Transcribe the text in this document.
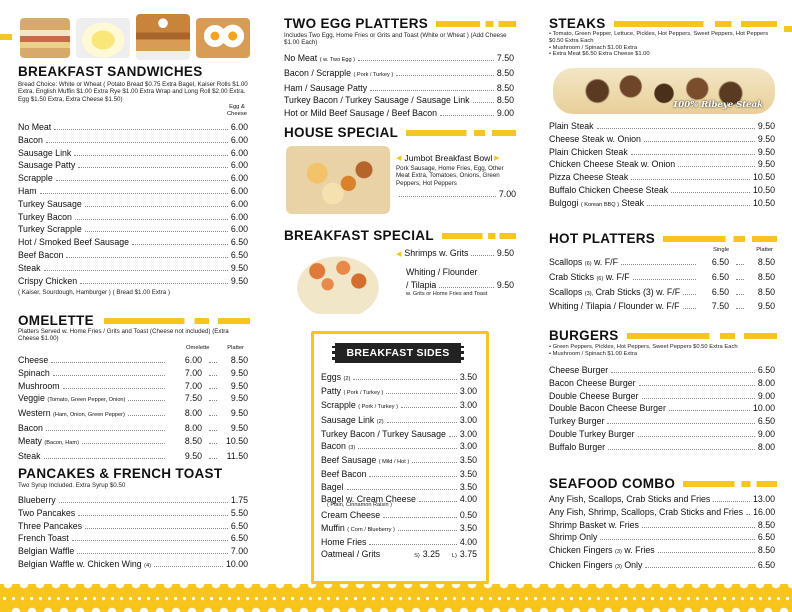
BREAKFAST SANDWICHES
Bread Choice: White or Wheat ( Potato Bread $0.75 Extra Bagel, Kaiser Rolls $1.00 Extra. English Muffin $1.00 Extra Rye $1.00 Extra Wrap and Long Roll $2.00 Extra. Egg $1.50 Extra, Extra Cheese $1.50)
Egg & Cheese
No Meat	6.00
Bacon	6.00
Sausage Link	6.00
Sausage Patty	6.00
Scrapple	6.00
Ham	6.00
Turkey Sausage	6.00
Turkey Bacon	6.00
Turkey Scrapple	6.00
Hot / Smoked Beef Sausage	6.50
Beef Bacon	6.50
Steak	9.50
Crispy Chicken	9.50
( Kaiser, Sourdough, Hamburger ) ( Bread $1.00 Extra )
OMELETTE
Platters Served w. Home Fries / Grits and Toast (Cheese not included) (Extra Cheese $1.00)
Omelette	Platter
Cheese	6.00	8.50
Spinach	7.00	9.50
Mushroom	7.00	9.50
Veggie (Tomato, Green Pepper, Onion)	7.50	9.50
Western (Ham, Onion, Green Pepper)	8.00	9.50
Bacon	8.00	9.50
Meaty (Bacon, Ham)	8.50	10.50
Steak	9.50	11.50
PANCAKES & FRENCH TOAST
Two Syrup Included. Extra Syrup $0.50
Blueberry	1.75
Two Pancakes	5.50
Three Pancakes	6.50
French Toast	6.50
Belgian Waffle	7.00
Belgian Waffle w. Chicken Wing (4)	10.00
TWO EGG PLATTERS
Includes Two Egg, Home Fries or Grits and Toast (White or Wheat ) (Add Cheese $1.00 Each)
No Meat ( w. Two Egg )	7.50
Bacon / Scrapple ( Pork / Turkey )	8.50
Ham / Sausage Patty	8.50
Turkey Bacon / Turkey Sausage / Sausage Link	8.50
Hot or Mild Beef Sausage / Beef Bacon	9.00
HOUSE SPECIAL
◀ Jumbot Breakfast Bowl ▶
Pork Sausage, Home Fries, Egg, Other Meat Extra, Tomatoes, Onions, Green Peppers, Hot Peppers
7.00
BREAKFAST SPECIAL
◀ Shrimps w. Grits	9.50
Whiting / Flounder
/ Tilapia	9.50
w. Grits or Home Fries and Toast
BREAKFAST SIDES
Eggs (2)	3.50
Patty ( Pork / Turkey )	3.00
Scrapple ( Pork / Turkey )	3.00
Sausage Link (2)	3.00
Turkey Bacon / Turkey Sausage 3.00
Bacon (3)	3.00
Beef Sausage ( Mild / Hot )	3.50
Beef Bacon	3.50
Bagel	3.50
Bagel w. Cream Cheese	4.00
( Plain, Cinnamon Raisin )
Cream Cheese	0.50
Muffin ( Corn / Blueberry )	3.50
Home Fries	4.00
Oatmeal / Grits	S) 3.25 L) 3.75
STEAKS
• Tomato, Green Pepper, Lettuce, Pickles, Hot Peppers, Sweet Peppers, Hot Peppers $0.50 Extra Each
• Mushroom / Spinach $1.00 Extra
• Extra Meat $6.50 Extra Cheese $1.00
100% Ribeye Steak
Plain Steak	9.50
Cheese Steak w. Onion	9.50
Plain Chicken Steak	9.50
Chicken Cheese Steak w. Onion	9.50
Pizza Cheese Steak	10.50
Buffalo Chicken Cheese Steak	10.50
Bulgogi ( Korean BBQ ) Steak	10.50
HOT PLATTERS
Single	Platter
Scallops (6) w. F/F	6.50	8.50
Crab Sticks (6) w. F/F	6.50	8.50
Scallops (3), Crab Sticks (3) w. F/F	6.50	8.50
Whiting / Tilapia / Flounder w. F/F	7.50	9.50
BURGERS
• Green Peppers, Pickles, Hot Peppers, Sweet Peppers $0.50 Extra Each
• Mushroom / Spinach $1.00 Extra
Cheese Burger	6.50
Bacon Cheese Burger	8.00
Double Cheese Burger	9.00
Double Bacon Cheese Burger	10.00
Turkey Burger	6.50
Double Turkey Burger	9.00
Buffalo Burger	8.00
SEAFOOD COMBO
Any Fish, Scallops, Crab Sticks and Fries	13.00
Any Fish, Shrimp, Scallops, Crab Sticks and Fries 16.00
Shrimp Basket w. Fries	8.50
Shrimp Only	6.50
Chicken Fingers (3) w. Fries	8.50
Chicken Fingers (3) Only	6.50
